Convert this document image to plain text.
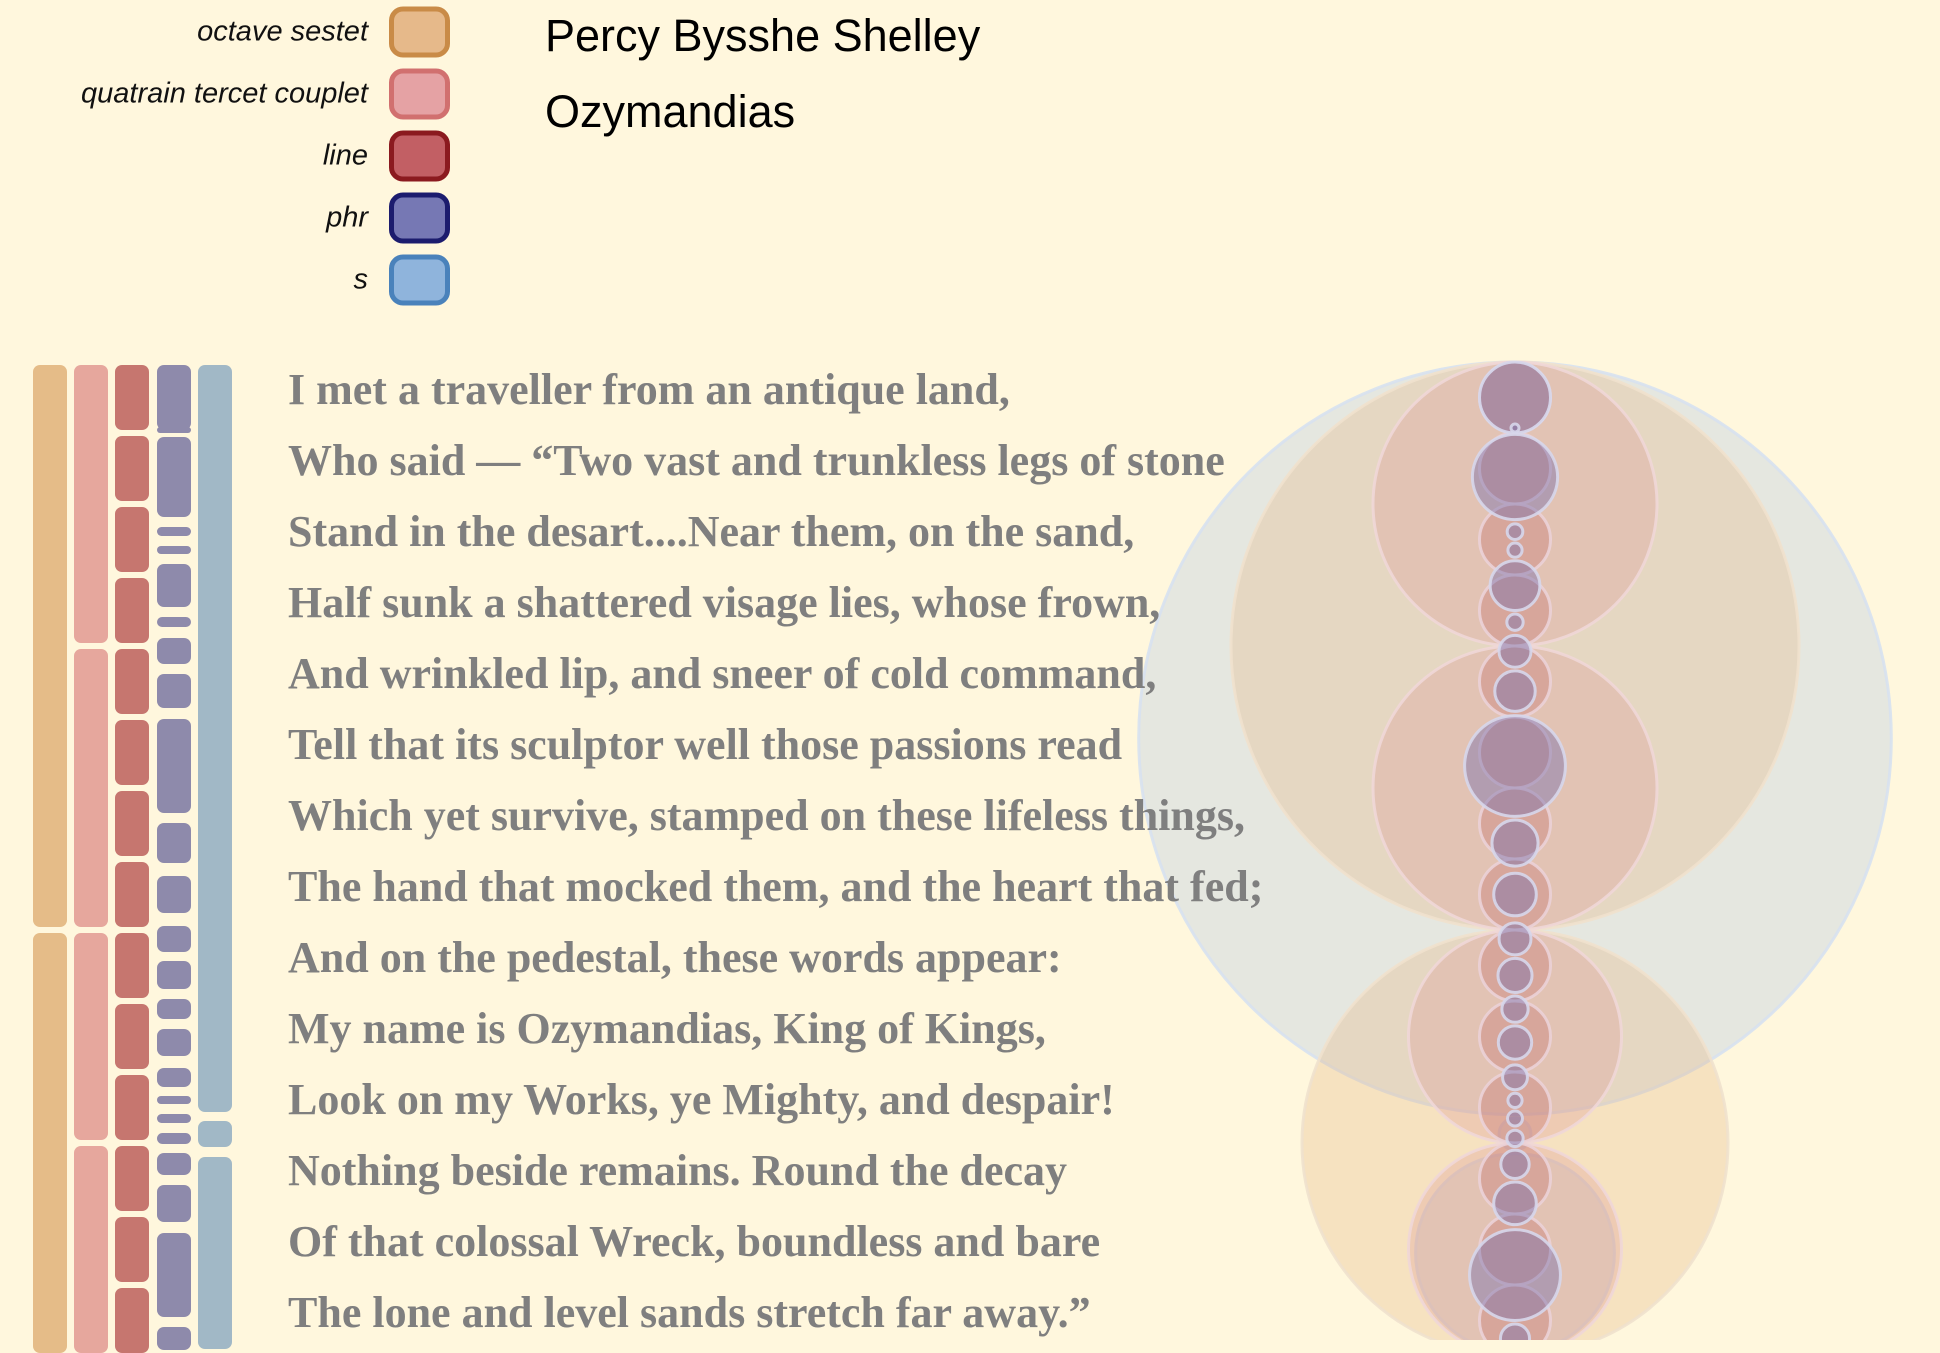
octave sestet
quatrain tercet couplet
line
phr
s
Percy Bysshe Shelley
Ozymandias
I met a traveller from an antique land,
Who said — “Two vast and trunkless legs of stone
Stand in the desart....Near them, on the sand,
Half sunk a shattered visage lies, whose frown,
And wrinkled lip, and sneer of cold command,
Tell that its sculptor well those passions read
Which yet survive, stamped on these lifeless things,
The hand that mocked them, and the heart that fed;
And on the pedestal, these words appear:
My name is Ozymandias, King of Kings,
Look on my Works, ye Mighty, and despair!
Nothing beside remains. Round the decay
Of that colossal Wreck, boundless and bare
The lone and level sands stretch far away.”
